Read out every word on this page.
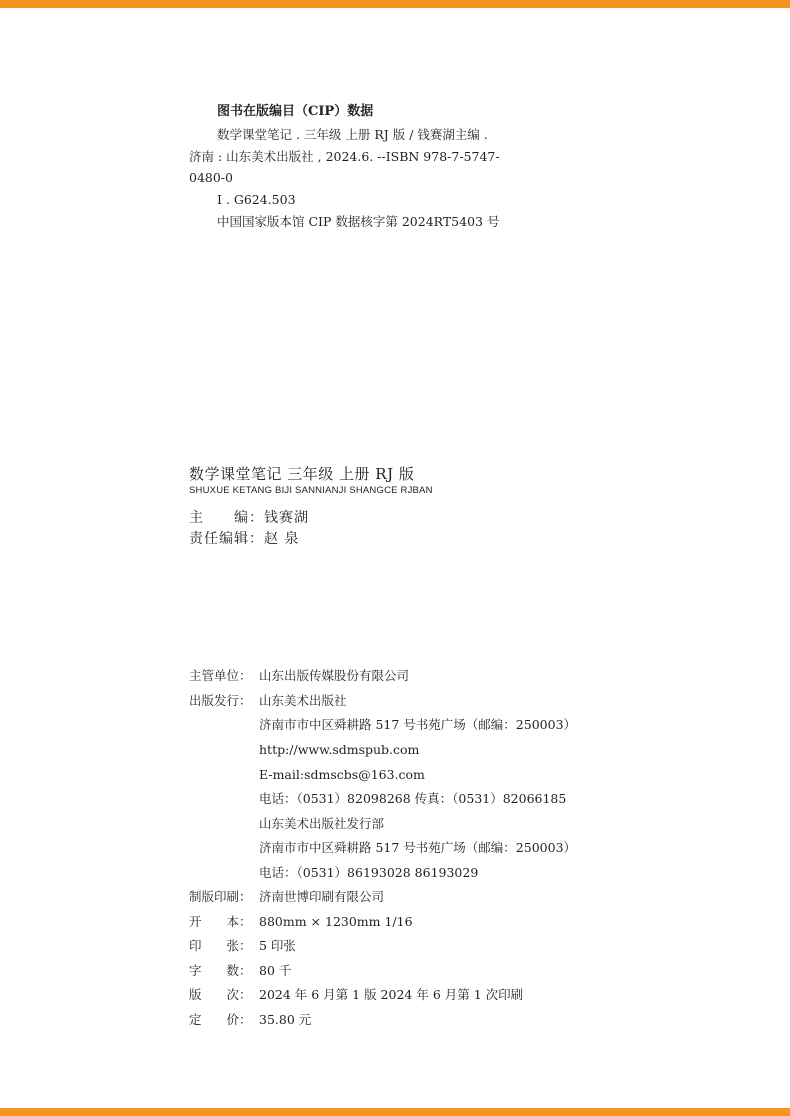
图书在版编目（CIP）数据
数学课堂笔记 . 三年级 上册 RJ 版 / 钱赛湖主编 .
济南 : 山东美术出版社 , 2024.6. --ISBN 978-7-5747-
0480-0
Ⅰ . G624.503
中国国家版本馆 CIP 数据核字第 2024RT5403 号
数学课堂笔记 三年级 上册 RJ 版
SHUXUE KETANG BIJI SANNIANJI SHANGCE RJBAN
主　　编：钱赛湖
责任编辑：赵 泉
主管单位： 山东出版传媒股份有限公司
出版发行： 山东美术出版社
济南市市中区舜耕路 517 号书苑广场（邮编：250003）
http://www.sdmspub.com
E-mail:sdmscbs@163.com
电话：（0531）82098268 传真：（0531）82066185
山东美术出版社发行部
济南市市中区舜耕路 517 号书苑广场（邮编：250003）
电话：（0531）86193028 86193029
制版印刷： 济南世博印刷有限公司
开　　本： 880mm × 1230mm 1/16
印　　张： 5 印张
字　　数： 80 千
版　　次： 2024 年 6 月第 1 版 2024 年 6 月第 1 次印刷
定　　价： 35.80 元
